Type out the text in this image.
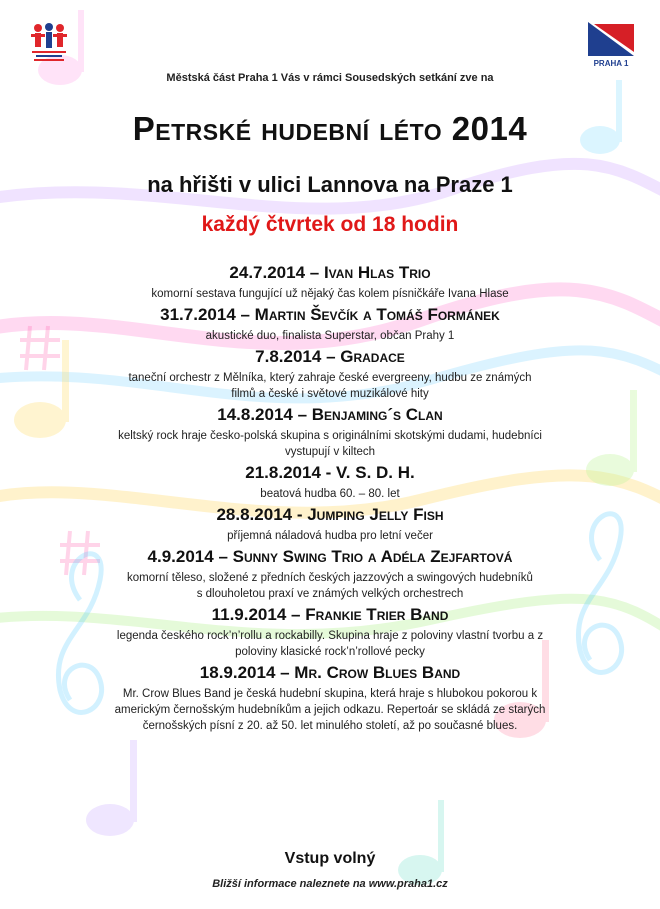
PRAHA 1
Městská část Praha 1 Vás v rámci Sousedských setkání zve na
Petrské hudební léto 2014
na hřišti v ulici Lannova na Praze 1
každý čtvrtek od 18 hodin
24.7.2014 – Ivan Hlas Trio
komorní sestava fungující už nějaký čas kolem písničkáře Ivana Hlase
31.7.2014 – Martin Ševčík a Tomáš Formánek
akustické duo, finalista Superstar, občan Prahy 1
7.8.2014 – Gradace
taneční orchestr z Mělníka, který zahraje české evergreeny, hudbu ze známých
filmů a české i světové muzikálové hity
14.8.2014 – Benjaming´s Clan
keltský rock hraje česko-polská skupina s originálními skotskými dudami, hudebníci
vystupují v kiltech
21.8.2014 - V. S. D. H.
beatová hudba 60. – 80. let
28.8.2014 - Jumping Jelly Fish
příjemná náladová hudba pro letní večer
4.9.2014 – Sunny Swing Trio a Adéla Zejfartová
komorní těleso, složené z předních českých jazzových a swingových hudebníků
s dlouholetou praxí ve známých velkých orchestrech
11.9.2014 – Frankie Trier Band
legenda českého rock’n’rollu a rockabilly. Skupina hraje z poloviny vlastní tvorbu a z
poloviny klasické rock’n’rollové pecky
18.9.2014 – Mr. Crow Blues Band
Mr. Crow Blues Band je česká hudební skupina, která hraje s hlubokou pokorou k
americkým černošským hudebníkům a jejich odkazu. Repertoár se skládá ze starých
černošských písní z 20. až 50. let minulého století, až po současné blues.
Vstup volný
Bližší informace naleznete na www.praha1.cz
